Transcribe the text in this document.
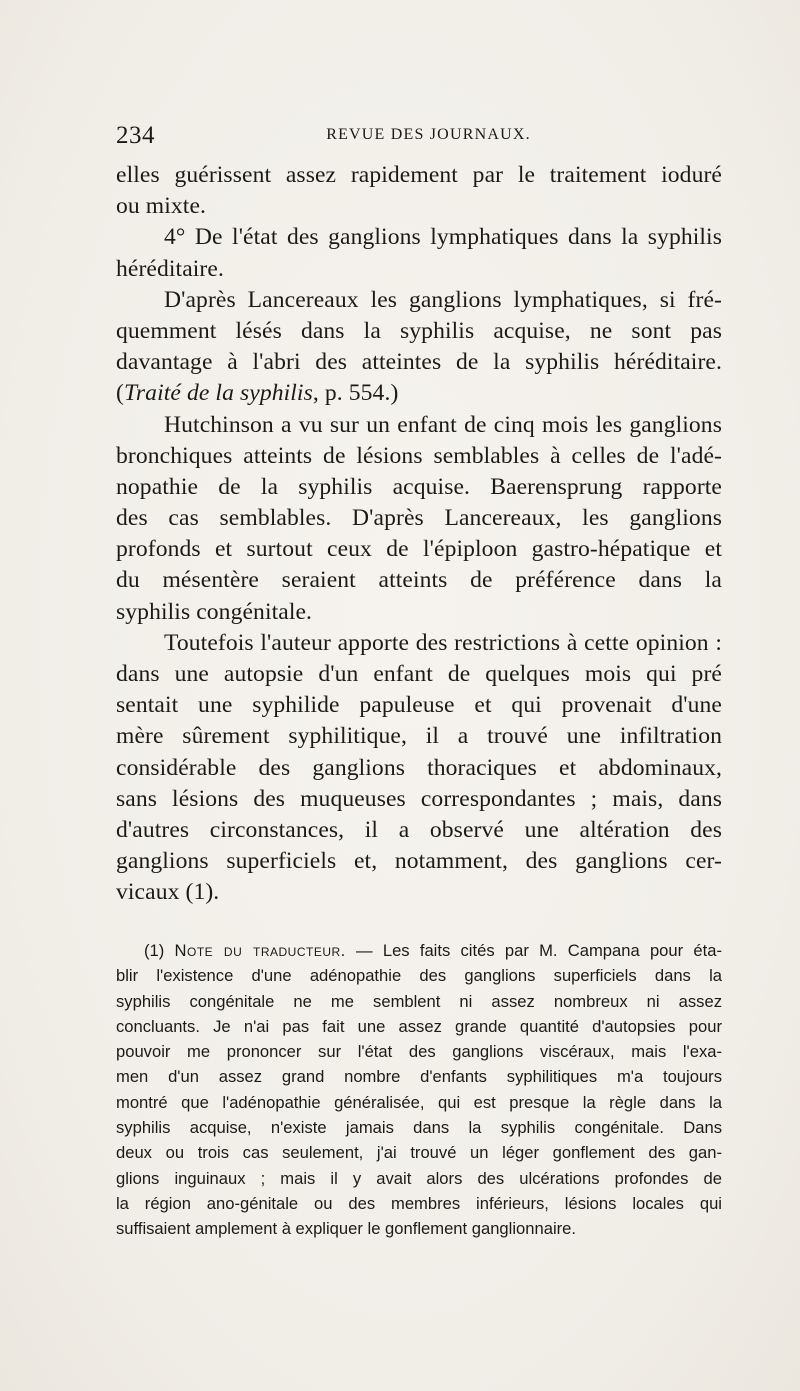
234	REVUE DES JOURNAUX.
elles guérissent assez rapidement par le traitement ioduré
ou mixte.
4° De l'état des ganglions lymphatiques dans la syphilis
héréditaire.
D'après Lancereaux les ganglions lymphatiques, si fré-
quemment lésés dans la syphilis acquise, ne sont pas
davantage à l'abri des atteintes de la syphilis héréditaire.
(Traité de la syphilis, p. 554.)
Hutchinson a vu sur un enfant de cinq mois les ganglions
bronchiques atteints de lésions semblables à celles de l'adé-
nopathie de la syphilis acquise. Baerensprung rapporte
des cas semblables. D'après Lancereaux, les ganglions
profonds et surtout ceux de l'épiploon gastro-hépatique et
du mésentère seraient atteints de préférence dans la
syphilis congénitale.
Toutefois l'auteur apporte des restrictions à cette opinion :
dans une autopsie d'un enfant de quelques mois qui pré
sentait une syphilide papuleuse et qui provenait d'une
mère sûrement syphilitique, il a trouvé une infiltration
considérable des ganglions thoraciques et abdominaux,
sans lésions des muqueuses correspondantes ; mais, dans
d'autres circonstances, il a observé une altération des
ganglions superficiels et, notamment, des ganglions cer-
vicaux (1).
(1) Note du traducteur. — Les faits cités par M. Campana pour éta-
blir l'existence d'une adénopathie des ganglions superficiels dans la
syphilis congénitale ne me semblent ni assez nombreux ni assez
concluants. Je n'ai pas fait une assez grande quantité d'autopsies pour
pouvoir me prononcer sur l'état des ganglions viscéraux, mais l'exa-
men d'un assez grand nombre d'enfants syphilitiques m'a toujours
montré que l'adénopathie généralisée, qui est presque la règle dans la
syphilis acquise, n'existe jamais dans la syphilis congénitale. Dans
deux ou trois cas seulement, j'ai trouvé un léger gonflement des gan-
glions inguinaux ; mais il y avait alors des ulcérations profondes de
la région ano-génitale ou des membres inférieurs, lésions locales qui
suffisaient amplement à expliquer le gonflement ganglionnaire.
